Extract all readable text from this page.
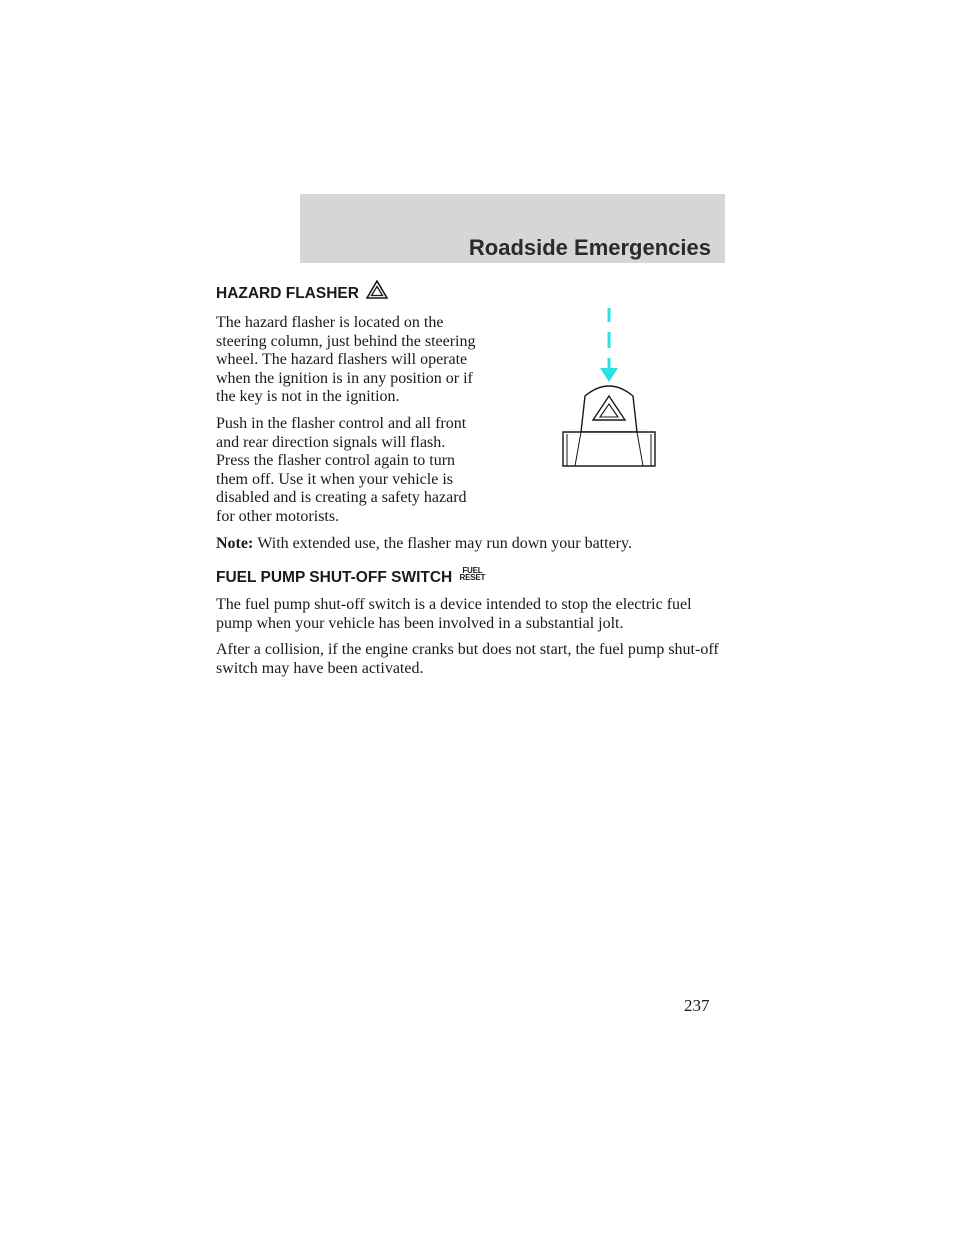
Roadside Emergencies
HAZARD FLASHER

The hazard flasher is located on the steering column, just behind the steering wheel. The hazard flashers will operate when the ignition is in any position or if the key is not in the ignition.

Push in the flasher control and all front and rear direction signals will flash. Press the flasher control again to turn them off. Use it when your vehicle is disabled and is creating a safety hazard for other motorists.

Note: With extended use, the flasher may run down your battery.

FUEL PUMP SHUT-OFF SWITCH FUEL
RESET

The fuel pump shut-off switch is a device intended to stop the electric fuel pump when your vehicle has been involved in a substantial jolt.

After a collision, if the engine cranks but does not start, the fuel pump shut-off switch may have been activated.

237
